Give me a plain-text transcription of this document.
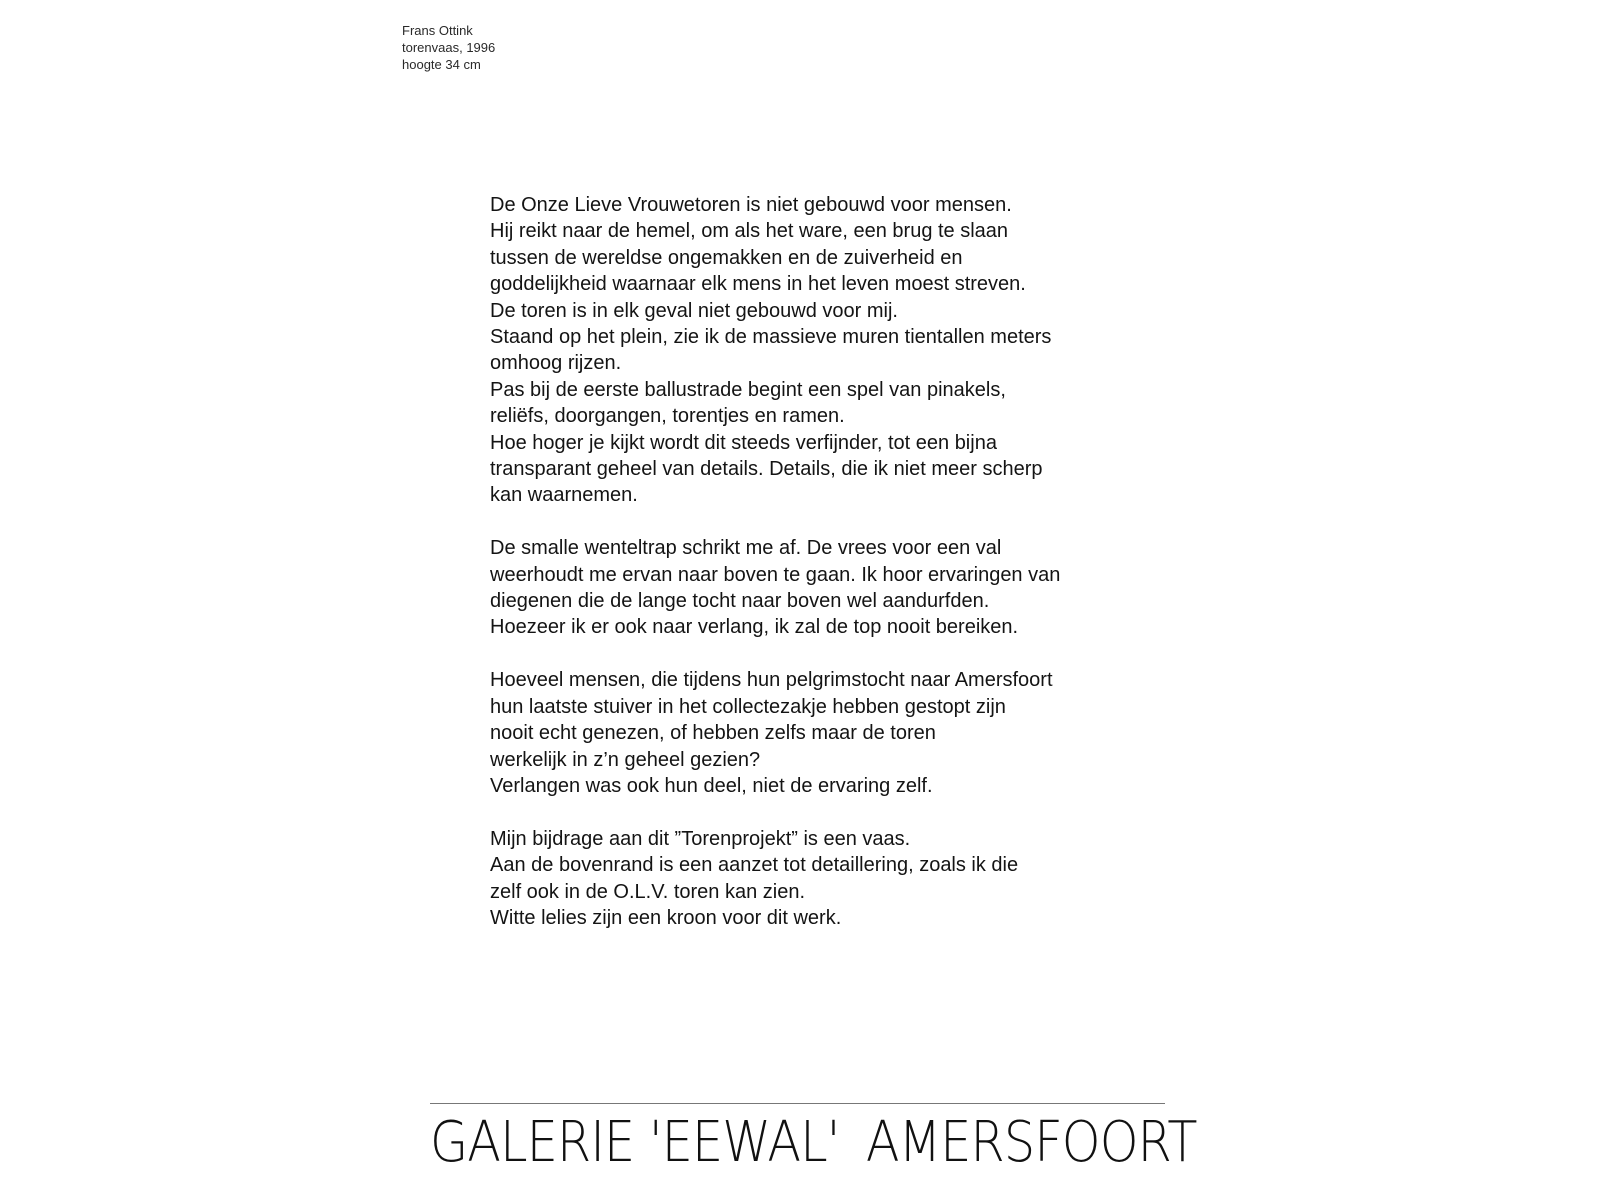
Frans Ottink
torenvaas, 1996
hoogte 34 cm

De Onze Lieve Vrouwetoren is niet gebouwd voor mensen.
Hij reikt naar de hemel, om als het ware, een brug te slaan
tussen de wereldse ongemakken en de zuiverheid en
goddelijkheid waarnaar elk mens in het leven moest streven.
De toren is in elk geval niet gebouwd voor mij.
Staand op het plein, zie ik de massieve muren tientallen meters
omhoog rijzen.
Pas bij de eerste ballustrade begint een spel van pinakels,
reliëfs, doorgangen, torentjes en ramen.
Hoe hoger je kijkt wordt dit steeds verfijnder, tot een bijna
transparant geheel van details. Details, die ik niet meer scherp
kan waarnemen.

De smalle wenteltrap schrikt me af. De vrees voor een val
weerhoudt me ervan naar boven te gaan. Ik hoor ervaringen van
diegenen die de lange tocht naar boven wel aandurfden.
Hoezeer ik er ook naar verlang, ik zal de top nooit bereiken.

Hoeveel mensen, die tijdens hun pelgrimstocht naar Amersfoort
hun laatste stuiver in het collectezakje hebben gestopt zijn
nooit echt genezen, of hebben zelfs maar de toren
werkelijk in z’n geheel gezien?
Verlangen was ook hun deel, niet de ervaring zelf.

Mijn bijdrage aan dit ”Torenprojekt” is een vaas.
Aan de bovenrand is een aanzet tot detaillering, zoals ik die
zelf ook in de O.L.V. toren kan zien.
Witte lelies zijn een kroon voor dit werk.

GALERIE 'EEWAL' AMERSFOORT
